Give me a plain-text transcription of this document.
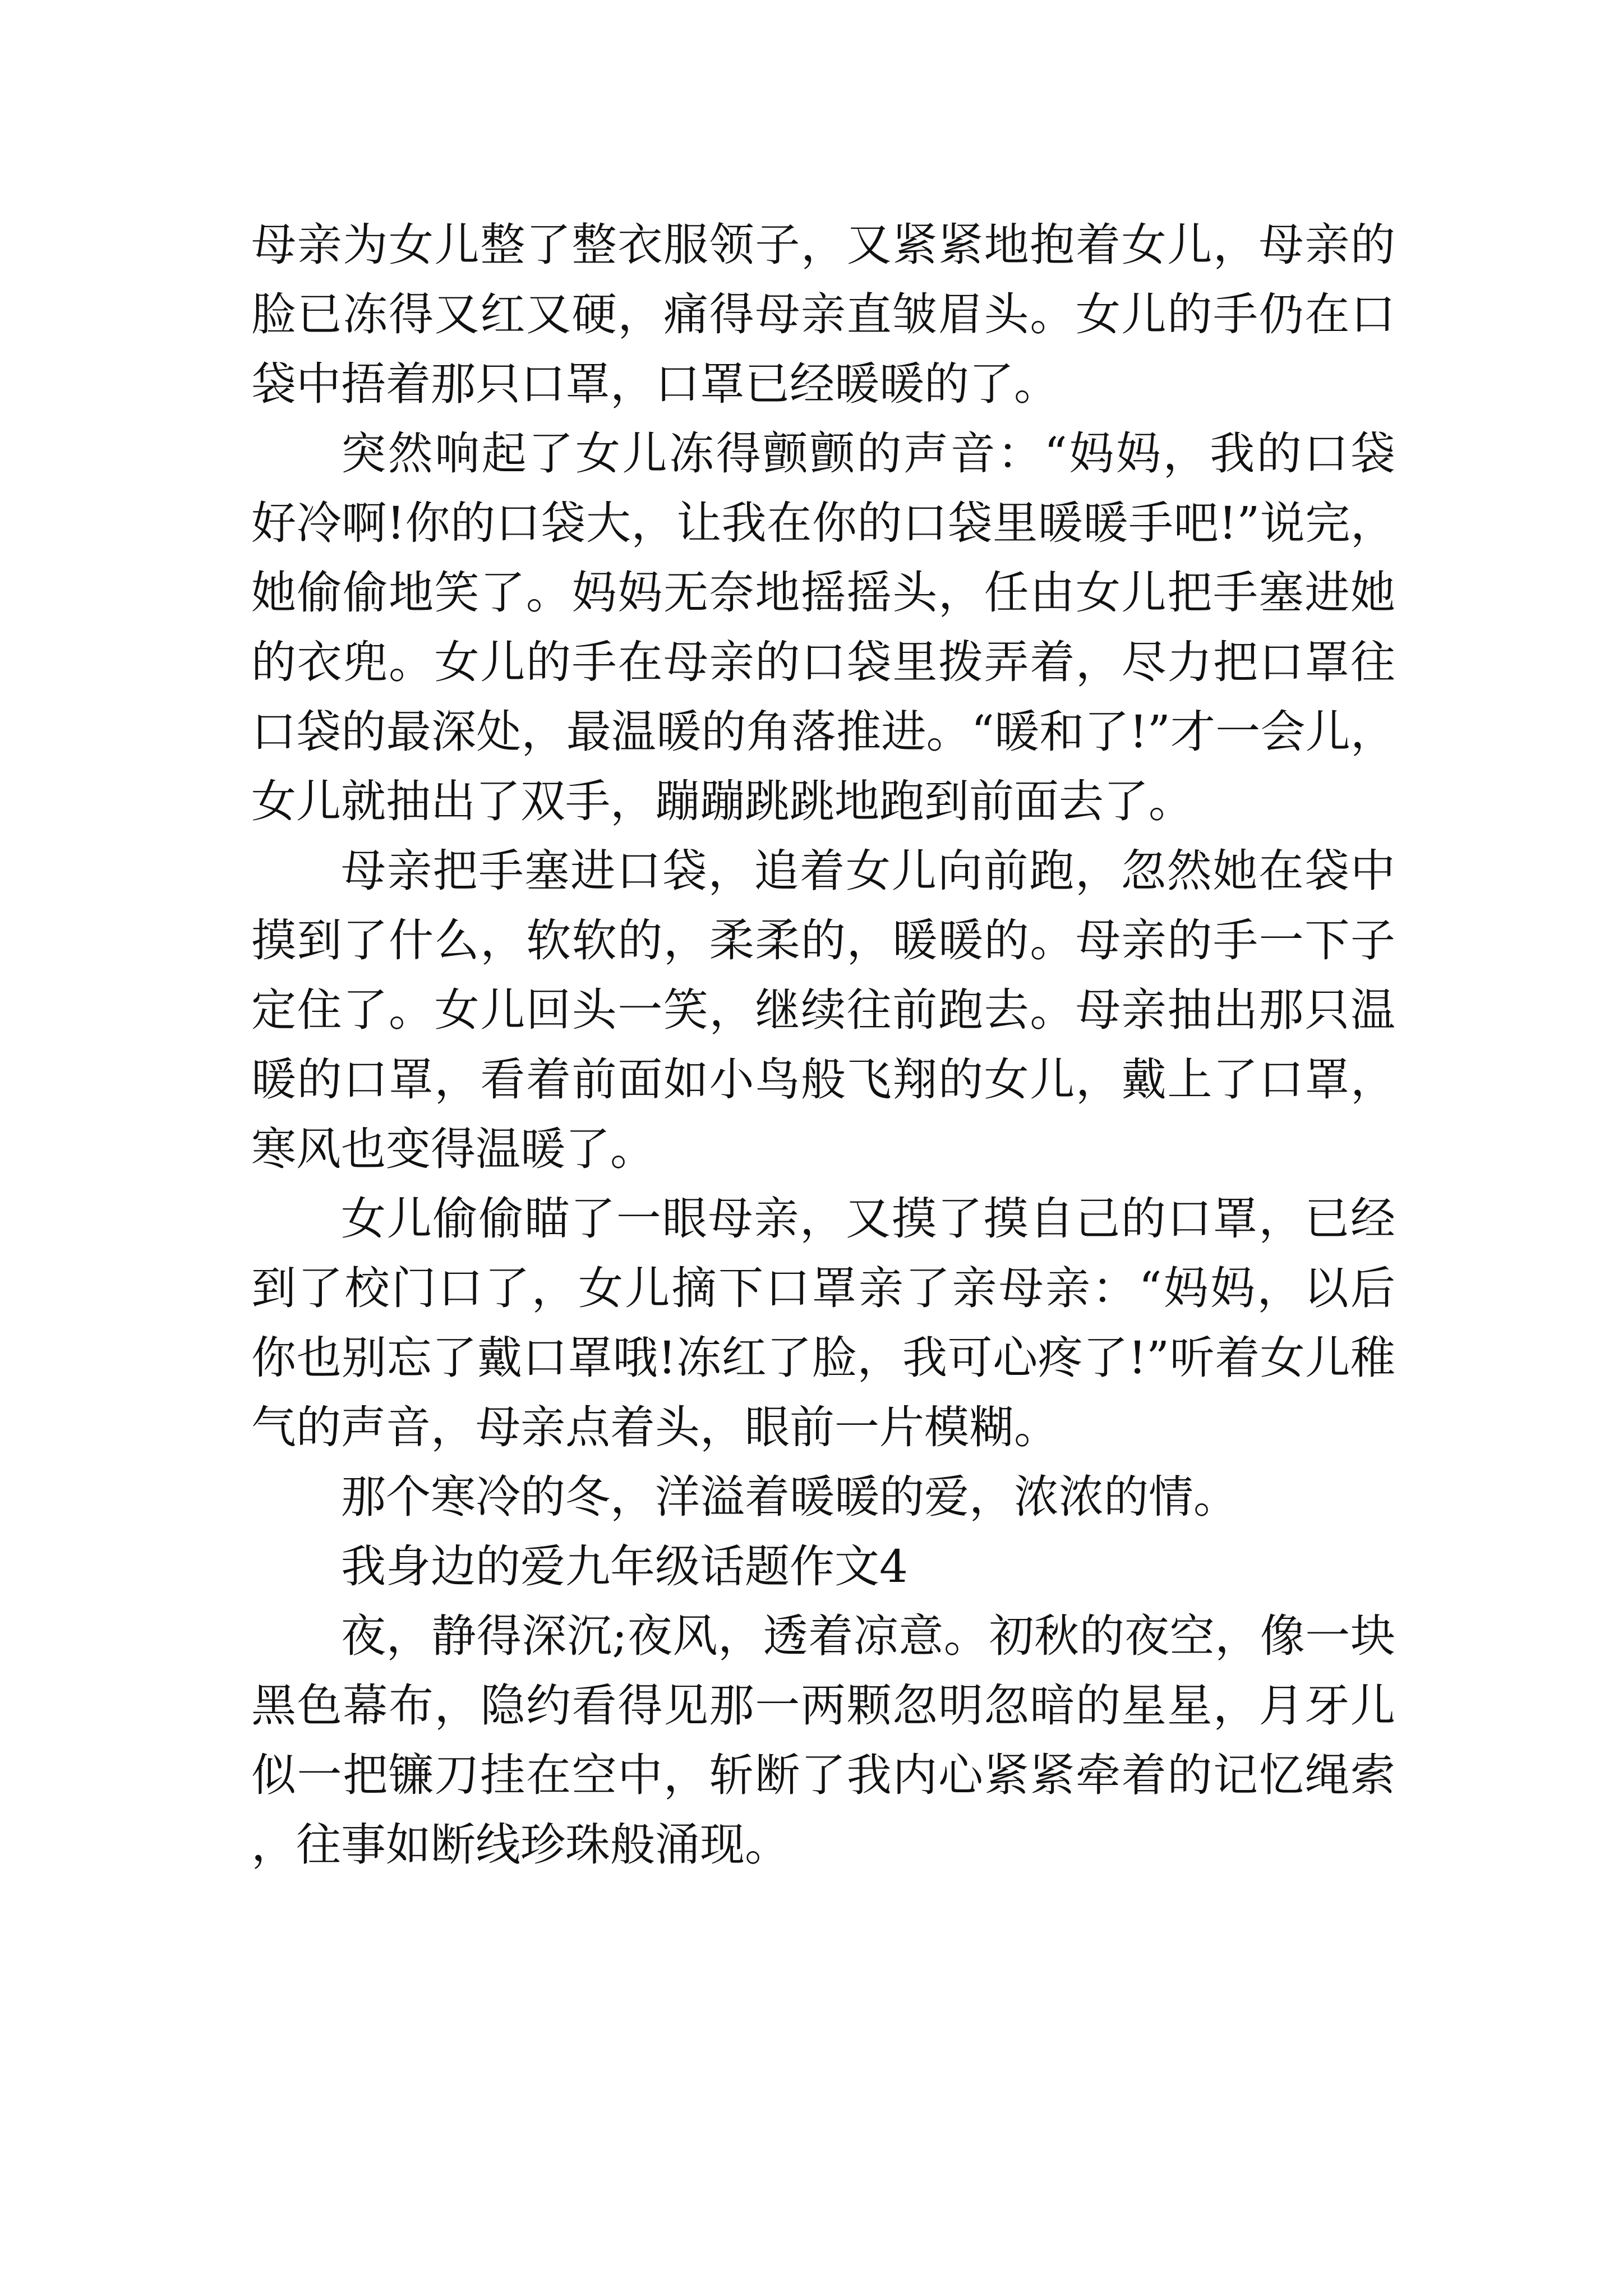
母亲为女儿整了整衣服领子，又紧紧地抱着女儿，母亲的脸已冻得又红又硬，痛得母亲直皱眉头。女儿的手仍在口袋中捂着那只口罩，口罩已经暖暖的了。

突然响起了女儿冻得颤颤的声音：“妈妈，我的口袋好冷啊!你的口袋大，让我在你的口袋里暖暖手吧!”说完，她偷偷地笑了。妈妈无奈地摇摇头，任由女儿把手塞进她的衣兜。女儿的手在母亲的口袋里拨弄着，尽力把口罩往口袋的最深处，最温暖的角落推进。“暖和了!”才一会儿，女儿就抽出了双手，蹦蹦跳跳地跑到前面去了。

母亲把手塞进口袋，追着女儿向前跑，忽然她在袋中摸到了什么，软软的，柔柔的，暖暖的。母亲的手一下子定住了。女儿回头一笑，继续往前跑去。母亲抽出那只温暖的口罩，看着前面如小鸟般飞翔的女儿，戴上了口罩，寒风也变得温暖了。

女儿偷偷瞄了一眼母亲，又摸了摸自己的口罩，已经到了校门口了，女儿摘下口罩亲了亲母亲：“妈妈，以后你也别忘了戴口罩哦!冻红了脸，我可心疼了!”听着女儿稚气的声音，母亲点着头，眼前一片模糊。

那个寒冷的冬，洋溢着暖暖的爱，浓浓的情。

我身边的爱九年级话题作文4

夜，静得深沉;夜风，透着凉意。初秋的夜空，像一块黑色幕布，隐约看得见那一两颗忽明忽暗的星星，月牙儿似一把镰刀挂在空中，斩断了我内心紧紧牵着的记忆绳索，往事如断线珍珠般涌现。
